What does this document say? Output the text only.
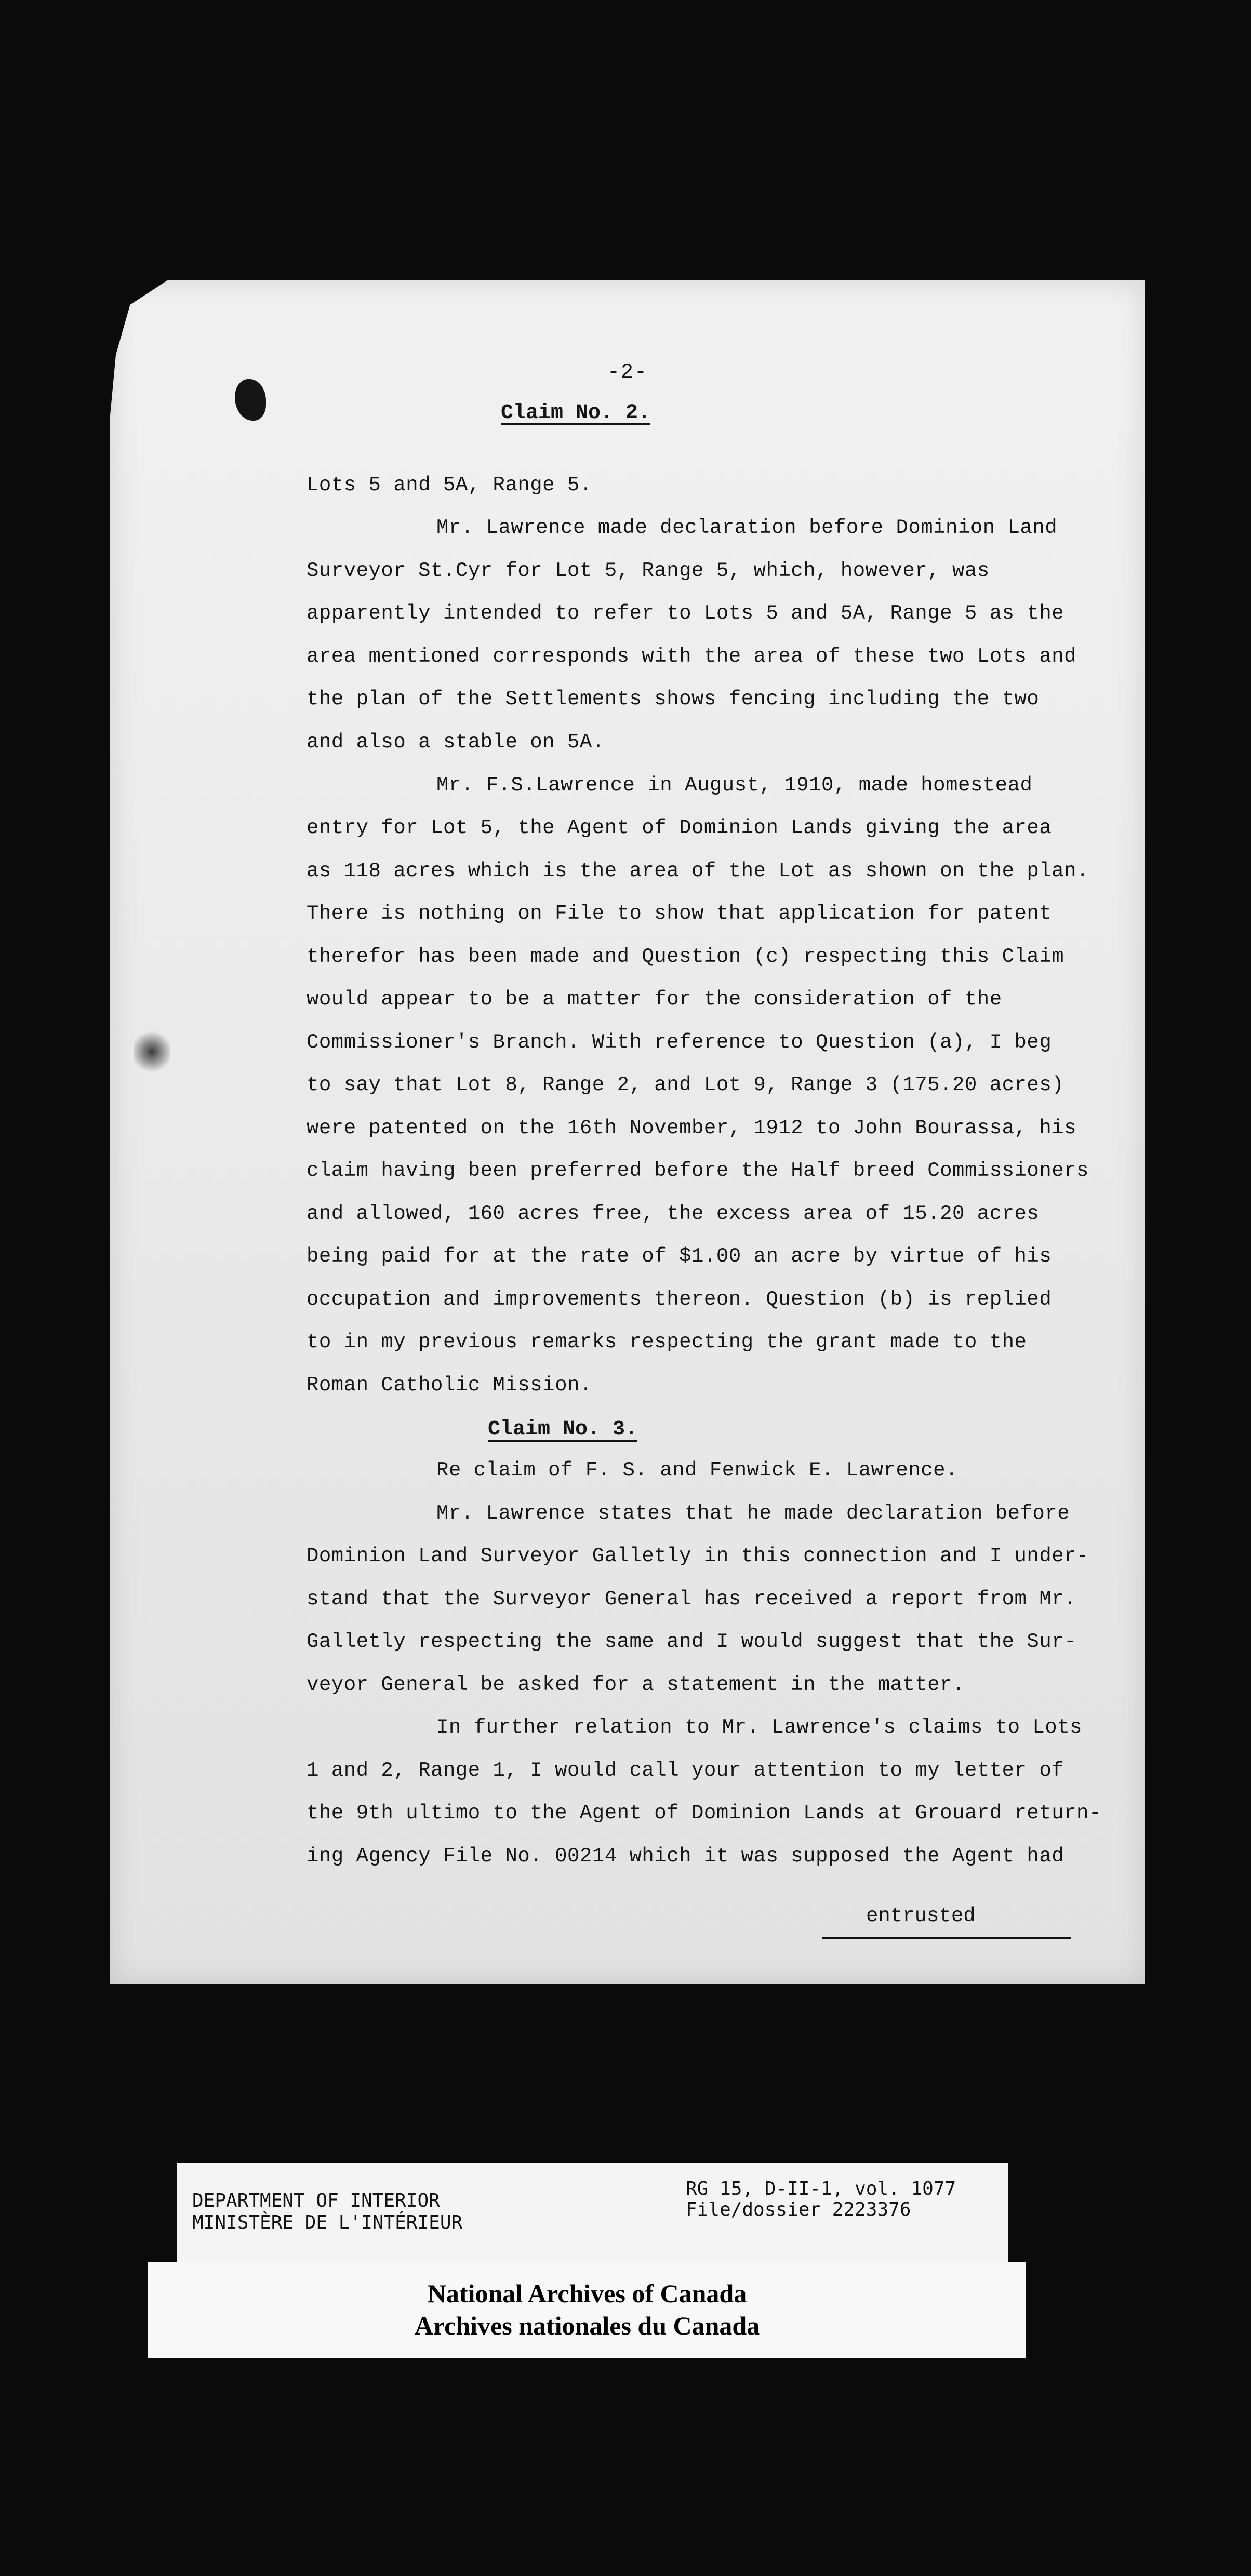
-2-
Claim No. 2.
Lots 5 and 5A, Range 5.
Mr. Lawrence made declaration before Dominion Land
Surveyor St.Cyr for Lot 5, Range 5, which, however, was
apparently intended to refer to Lots 5 and 5A, Range 5 as the
area mentioned corresponds with the area of these two Lots and
the plan of the Settlements shows fencing including the two
and also a stable on 5A.
Mr. F.S.Lawrence in August, 1910, made homestead
entry for Lot 5, the Agent of Dominion Lands giving the area
as 118 acres which is the area of the Lot as shown on the plan.
There is nothing on File to show that application for patent
therefor has been made and Question (c) respecting this Claim
would appear to be a matter for the consideration of the
Commissioner's Branch. With reference to Question (a), I beg
to say that Lot 8, Range 2, and Lot 9, Range 3 (175.20 acres)
were patented on the 16th November, 1912 to John Bourassa, his
claim having been preferred before the Half breed Commissioners
and allowed, 160 acres free, the excess area of 15.20 acres
being paid for at the rate of $1.00 an acre by virtue of his
occupation and improvements thereon. Question (b) is replied
to in my previous remarks respecting the grant made to the
Roman Catholic Mission.
Claim No. 3.
Re claim of F. S. and Fenwick E. Lawrence.
Mr. Lawrence states that he made declaration before
Dominion Land Surveyor Galletly in this connection and I under-
stand that the Surveyor General has received a report from Mr.
Galletly respecting the same and I would suggest that the Sur-
veyor General be asked for a statement in the matter.
In further relation to Mr. Lawrence's claims to Lots
1 and 2, Range 1, I would call your attention to my letter of
the 9th ultimo to the Agent of Dominion Lands at Grouard return-
ing Agency File No. 00214 which it was supposed the Agent had
entrusted
DEPARTMENT OF INTERIOR
MINISTÈRE DE L'INTÉRIEUR
RG 15, D-II-1, vol. 1077
File/dossier 2223376
National Archives of Canada
Archives nationales du Canada
